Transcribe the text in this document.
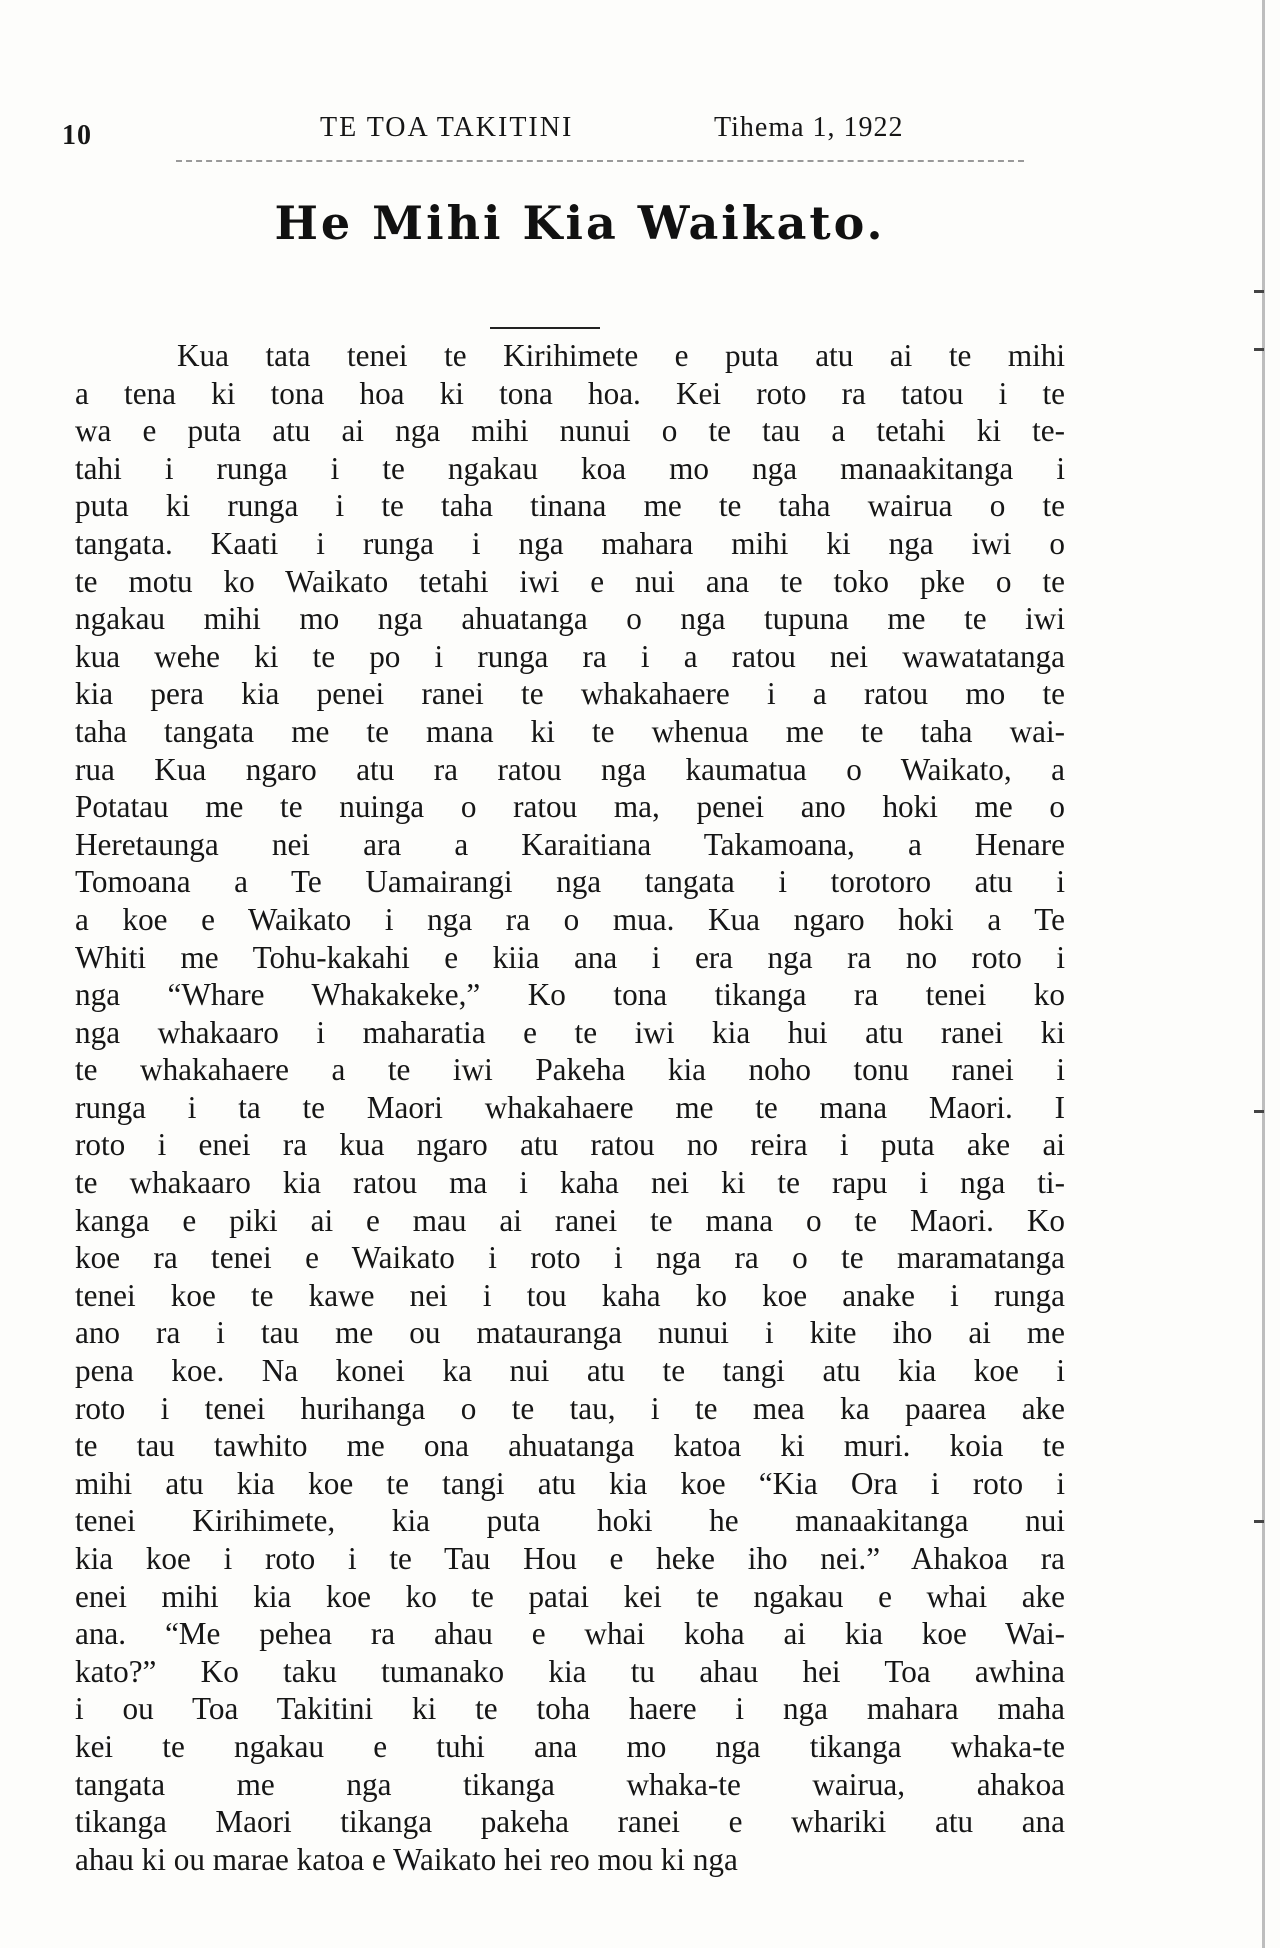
10	TE TOA TAKITINI	Tihema 1, 1922
He Mihi Kia Waikato.
Kua tata tenei te Kirihimete e puta atu ai te mihi
a tena ki tona hoa ki tona hoa. Kei roto ra tatou i te
wa e puta atu ai nga mihi nunui o te tau a tetahi ki te-
tahi i runga i te ngakau koa mo nga manaakitanga i
puta ki runga i te taha tinana me te taha wairua o te
tangata. Kaati i runga i nga mahara mihi ki nga iwi o
te motu ko Waikato tetahi iwi e nui ana te toko pke o te
ngakau mihi mo nga ahuatanga o nga tupuna me te iwi
kua wehe ki te po i runga ra i a ratou nei wawatatanga
kia pera kia penei ranei te whakahaere i a ratou mo te
taha tangata me te mana ki te whenua me te taha wai-
rua Kua ngaro atu ra ratou nga kaumatua o Waikato, a
Potatau me te nuinga o ratou ma, penei ano hoki me o
Heretaunga nei ara a Karaitiana Takamoana, a Henare
Tomoana a Te Uamairangi nga tangata i torotoro atu i
a koe e Waikato i nga ra o mua. Kua ngaro hoki a Te
Whiti me Tohu-kakahi e kiia ana i era nga ra no roto i
nga “Whare Whakakeke,” Ko tona tikanga ra tenei ko
nga whakaaro i maharatia e te iwi kia hui atu ranei ki
te whakahaere a te iwi Pakeha kia noho tonu ranei i
runga i ta te Maori whakahaere me te mana Maori. I
roto i enei ra kua ngaro atu ratou no reira i puta ake ai
te whakaaro kia ratou ma i kaha nei ki te rapu i nga ti-
kanga e piki ai e mau ai ranei te mana o te Maori. Ko
koe ra tenei e Waikato i roto i nga ra o te maramatanga
tenei koe te kawe nei i tou kaha ko koe anake i runga
ano ra i tau me ou matauranga nunui i kite iho ai me
pena koe. Na konei ka nui atu te tangi atu kia koe i
roto i tenei hurihanga o te tau, i te mea ka paarea ake
te tau tawhito me ona ahuatanga katoa ki muri. koia te
mihi atu kia koe te tangi atu kia koe “Kia Ora i roto i
tenei Kirihimete, kia puta hoki he manaakitanga nui
kia koe i roto i te Tau Hou e heke iho nei.” Ahakoa ra
enei mihi kia koe ko te patai kei te ngakau e whai ake
ana. “Me pehea ra ahau e whai koha ai kia koe Wai-
kato?” Ko taku tumanako kia tu ahau hei Toa awhina
i ou Toa Takitini ki te toha haere i nga mahara maha
kei te ngakau e tuhi ana mo nga tikanga whaka-te
tangata me nga tikanga whaka-te wairua, ahakoa
tikanga Maori tikanga pakeha ranei e whariki atu ana
ahau ki ou marae katoa e Waikato hei reo mou ki nga
